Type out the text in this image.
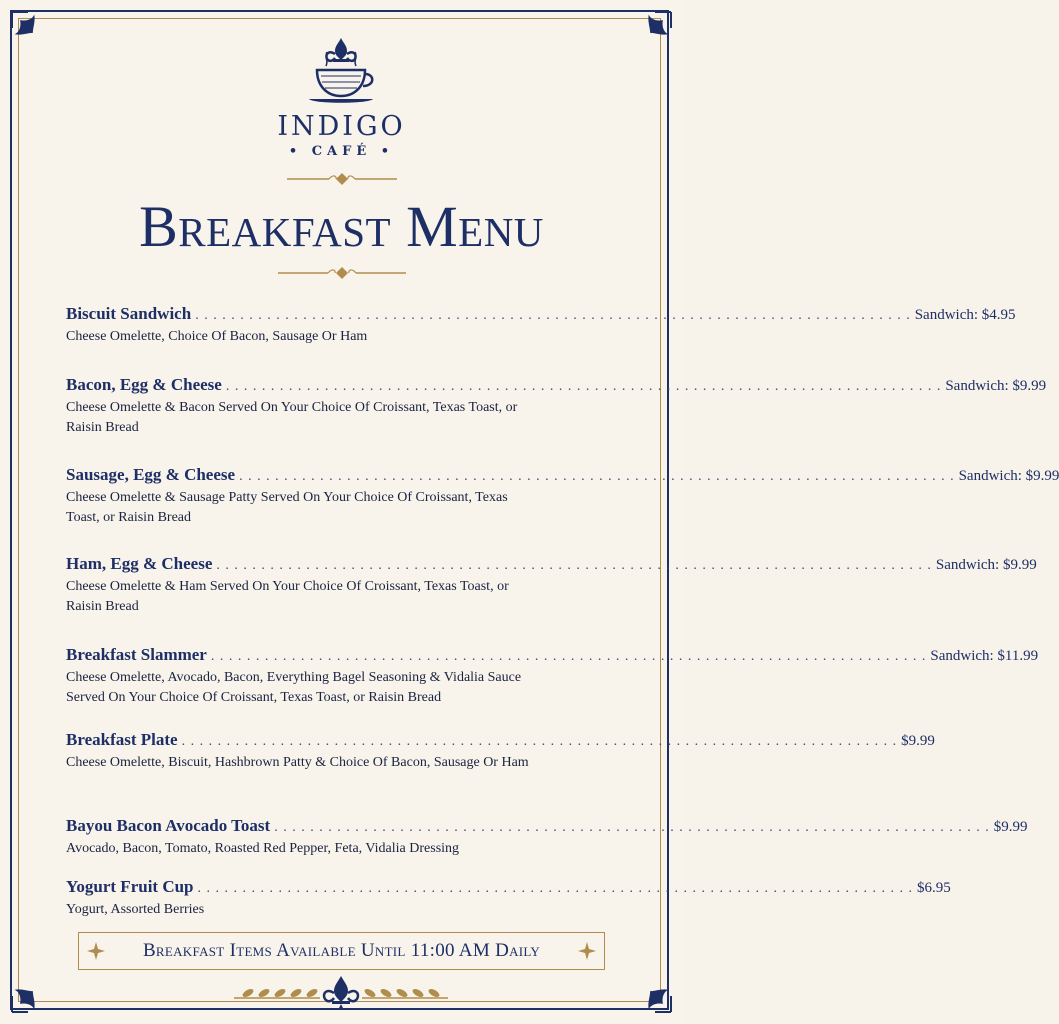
INDIGO
• CAFÉ •
Breakfast Menu
Biscuit Sandwich . . . . . . . . . . . . . . . . . . . . . . . . . . . . . . . . . . . . . . . . . . . . . . . . . . . . . . . . . . . . . . . . . . . . . . . . . . . . . . . . Sandwich: $4.95
Cheese Omelette, Choice Of Bacon, Sausage Or Ham
Bacon, Egg & Cheese . . . . . . . . . . . . . . . . . . . . . . . . . . . . . . . . . . . . . . . . . . . . . . . . . . . . . . . . . . . . . . . . . . . . . . . . . . . . . . . . Sandwich: $9.99
Cheese Omelette & Bacon Served On Your Choice Of Croissant, Texas Toast, or Raisin Bread
Sausage, Egg & Cheese . . . . . . . . . . . . . . . . . . . . . . . . . . . . . . . . . . . . . . . . . . . . . . . . . . . . . . . . . . . . . . . . . . . . . . . . . . . . . . . . Sandwich: $9.99
Cheese Omelette & Sausage Patty Served On Your Choice Of Croissant, Texas Toast, or Raisin Bread
Ham, Egg & Cheese . . . . . . . . . . . . . . . . . . . . . . . . . . . . . . . . . . . . . . . . . . . . . . . . . . . . . . . . . . . . . . . . . . . . . . . . . . . . . . . . Sandwich: $9.99
Cheese Omelette & Ham Served On Your Choice Of Croissant, Texas Toast, or Raisin Bread
Breakfast Slammer . . . . . . . . . . . . . . . . . . . . . . . . . . . . . . . . . . . . . . . . . . . . . . . . . . . . . . . . . . . . . . . . . . . . . . . . . . . . . . . . Sandwich: $11.99
Cheese Omelette, Avocado, Bacon, Everything Bagel Seasoning & Vidalia Sauce Served On Your Choice Of Croissant, Texas Toast, or Raisin Bread
Breakfast Plate . . . . . . . . . . . . . . . . . . . . . . . . . . . . . . . . . . . . . . . . . . . . . . . . . . . . . . . . . . . . . . . . . . . . . . . . . . . . . . . . $9.99
Cheese Omelette, Biscuit, Hashbrown Patty & Choice Of Bacon, Sausage Or Ham
Bayou Bacon Avocado Toast . . . . . . . . . . . . . . . . . . . . . . . . . . . . . . . . . . . . . . . . . . . . . . . . . . . . . . . . . . . . . . . . . . . . . . . . . . . . . . . . $9.99
Avocado, Bacon, Tomato, Roasted Red Pepper, Feta, Vidalia Dressing
Yogurt Fruit Cup . . . . . . . . . . . . . . . . . . . . . . . . . . . . . . . . . . . . . . . . . . . . . . . . . . . . . . . . . . . . . . . . . . . . . . . . . . . . . . . . $6.95
Yogurt, Assorted Berries
Breakfast Items Available Until 11:00 AM Daily
